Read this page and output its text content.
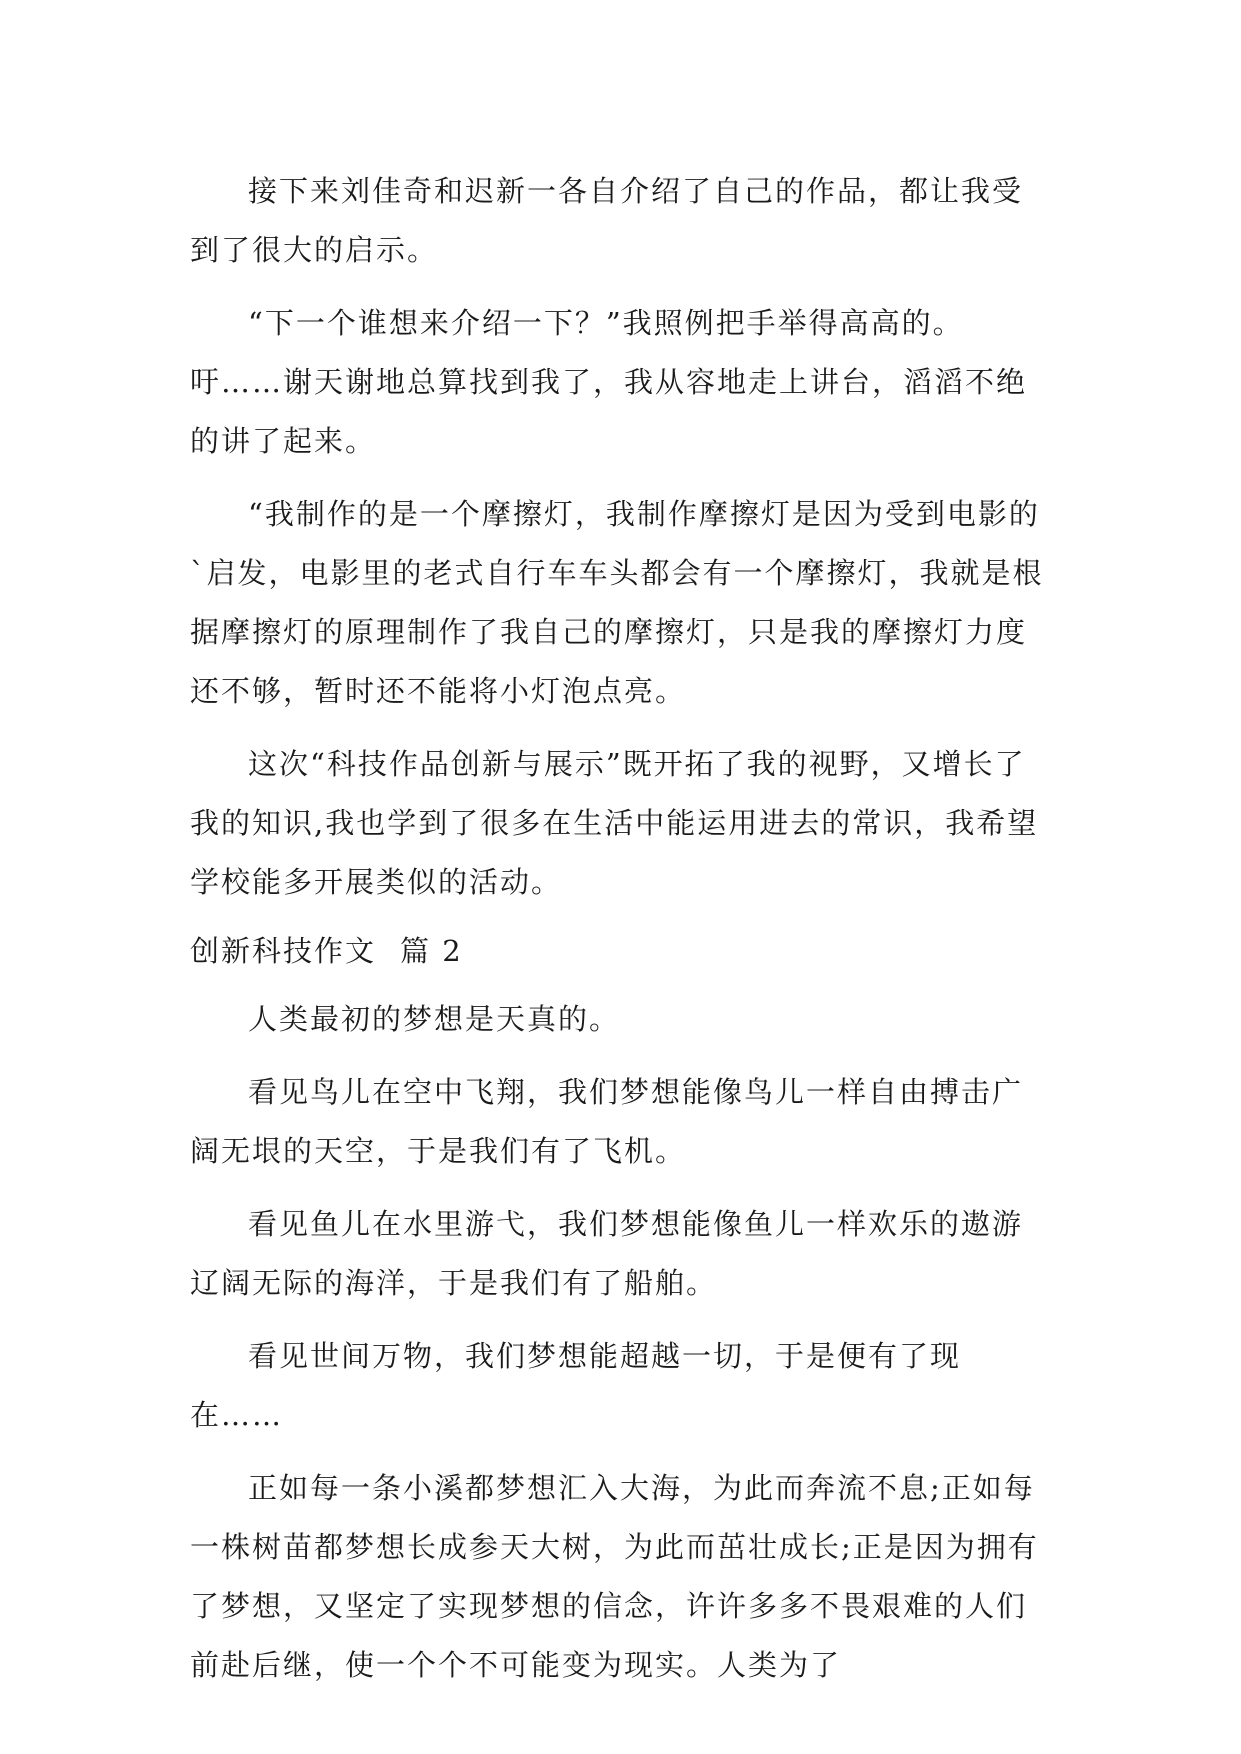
接下来刘佳奇和迟新一各自介绍了自己的作品，都让我受到了很大的启示。

“下一个谁想来介绍一下？”我照例把手举得高高的。吁……谢天谢地总算找到我了，我从容地走上讲台，滔滔不绝的讲了起来。

“我制作的是一个摩擦灯，我制作摩擦灯是因为受到电影的`启发，电影里的老式自行车车头都会有一个摩擦灯，我就是根据摩擦灯的原理制作了我自己的摩擦灯，只是我的摩擦灯力度还不够，暂时还不能将小灯泡点亮。

这次“科技作品创新与展示”既开拓了我的视野，又增长了我的知识,我也学到了很多在生活中能运用进去的常识，我希望学校能多开展类似的活动。

创新科技作文 篇 2

人类最初的梦想是天真的。

看见鸟儿在空中飞翔，我们梦想能像鸟儿一样自由搏击广阔无垠的天空，于是我们有了飞机。

看见鱼儿在水里游弋，我们梦想能像鱼儿一样欢乐的遨游辽阔无际的海洋，于是我们有了船舶。

看见世间万物，我们梦想能超越一切，于是便有了现在……

正如每一条小溪都梦想汇入大海，为此而奔流不息;正如每一株树苗都梦想长成参天大树，为此而茁壮成长;正是因为拥有了梦想，又坚定了实现梦想的信念，许许多多不畏艰难的人们前赴后继，使一个个不可能变为现实。人类为了
